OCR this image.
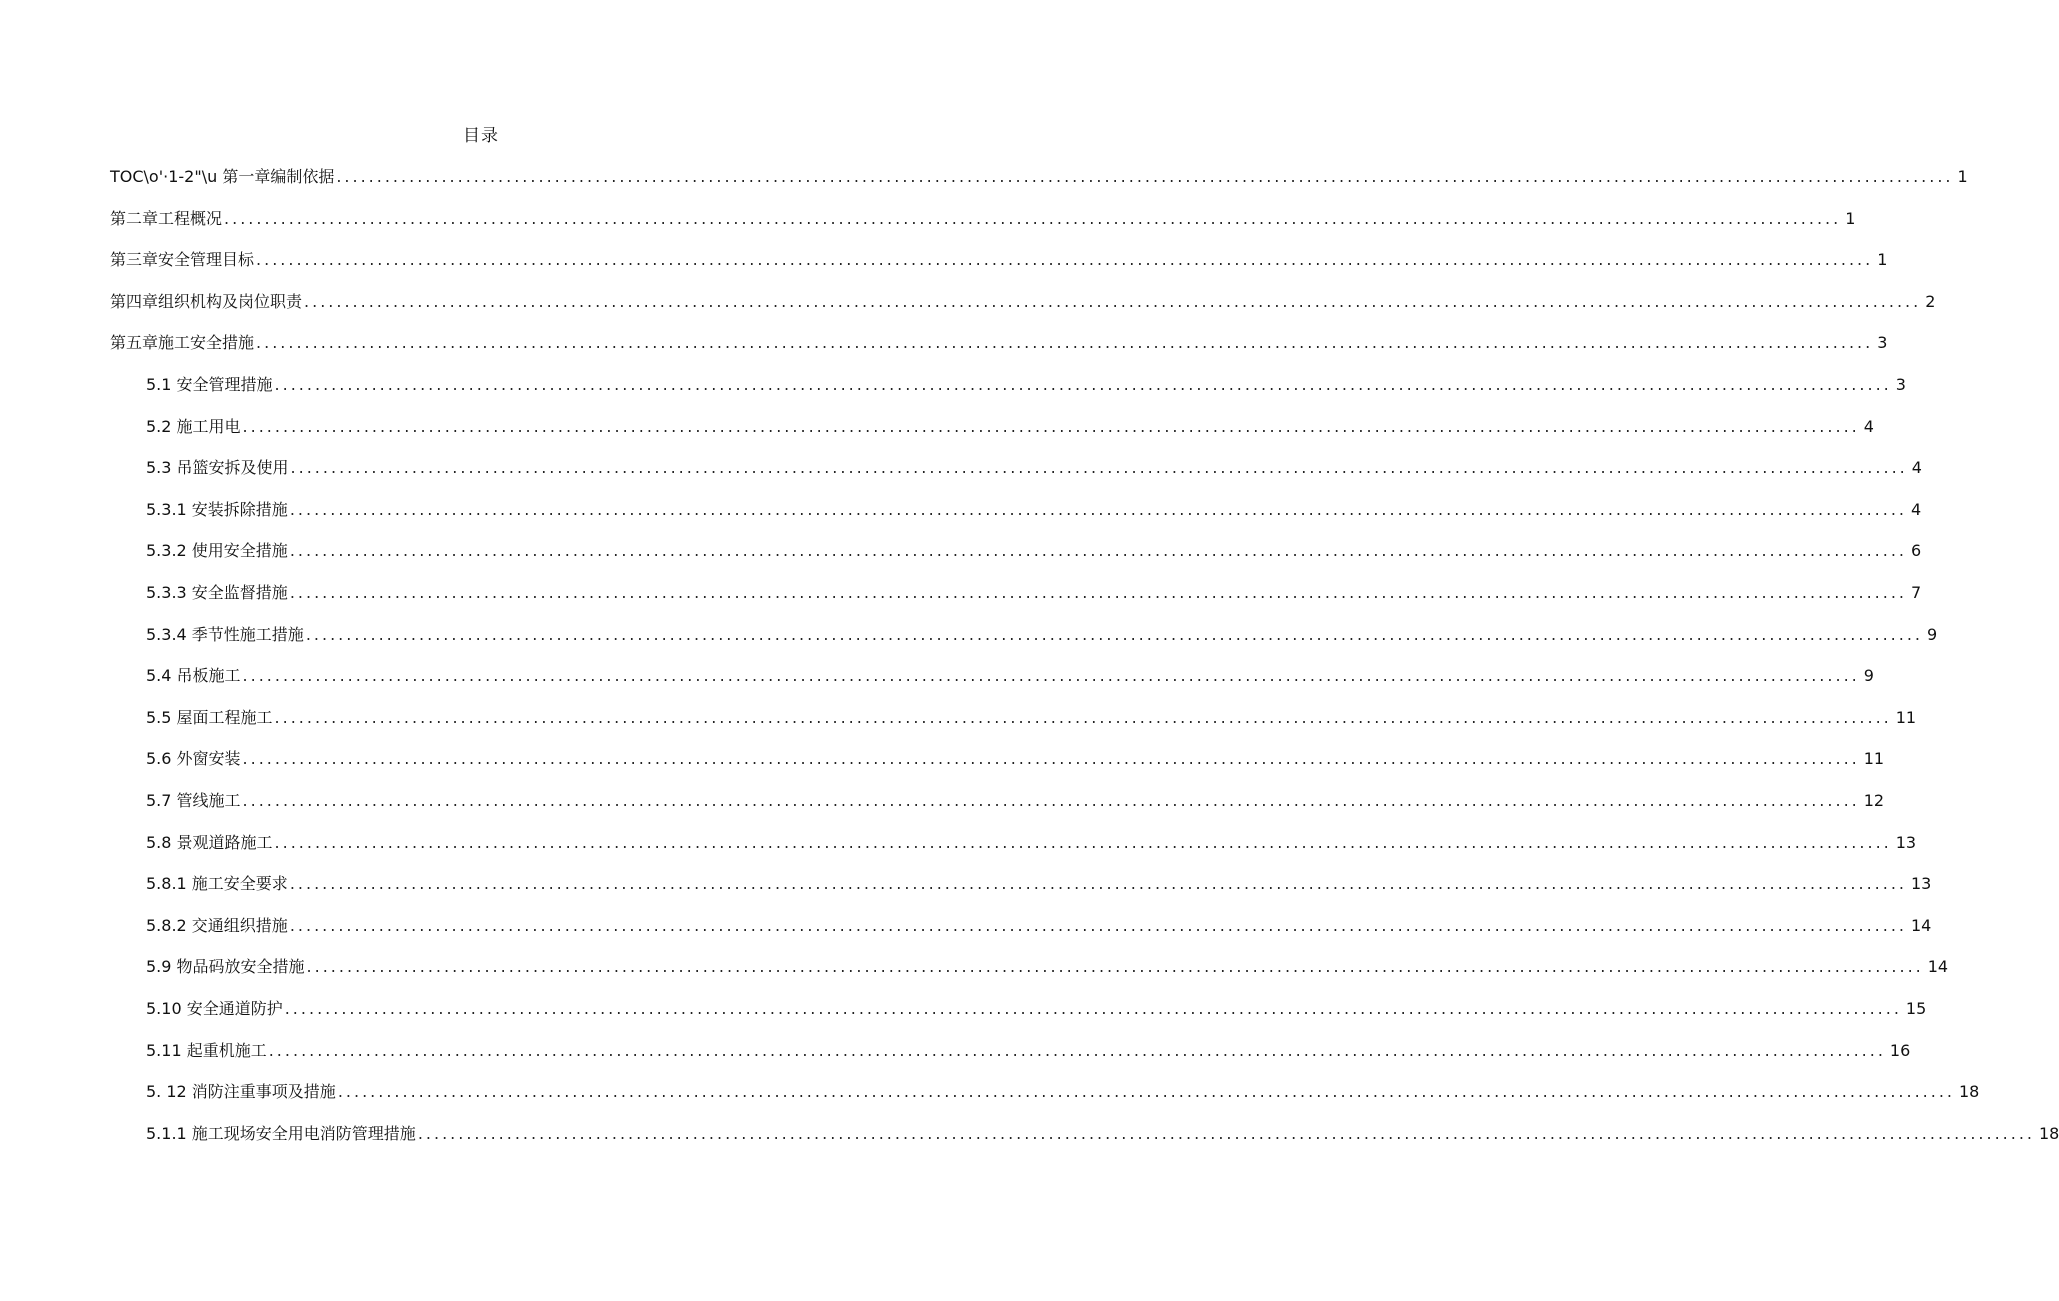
目录
TOC\o'·1-2"\u 第一章编制依据 ........................................................................................................................................................................................................ 1
第二章工程概况 ........................................................................................................................................................................................................ 1
第三章安全管理目标 ........................................................................................................................................................................................................ 1
第四章组织机构及岗位职责 ........................................................................................................................................................................................................ 2
第五章施工安全措施 ........................................................................................................................................................................................................ 3
5.1 安全管理措施 ........................................................................................................................................................................................................ 3
5.2 施工用电 ........................................................................................................................................................................................................ 4
5.3 吊篮安拆及使用 ........................................................................................................................................................................................................ 4
5.3.1 安装拆除措施 ........................................................................................................................................................................................................ 4
5.3.2 使用安全措施 ........................................................................................................................................................................................................ 6
5.3.3 安全监督措施 ........................................................................................................................................................................................................ 7
5.3.4 季节性施工措施 ........................................................................................................................................................................................................ 9
5.4 吊板施工 ........................................................................................................................................................................................................ 9
5.5 屋面工程施工 ........................................................................................................................................................................................................ 11
5.6 外窗安装 ........................................................................................................................................................................................................ 11
5.7 管线施工 ........................................................................................................................................................................................................ 12
5.8 景观道路施工 ........................................................................................................................................................................................................ 13
5.8.1 施工安全要求 ........................................................................................................................................................................................................ 13
5.8.2 交通组织措施 ........................................................................................................................................................................................................ 14
5.9 物品码放安全措施 ........................................................................................................................................................................................................ 14
5.10 安全通道防护 ........................................................................................................................................................................................................ 15
5.11 起重机施工 ........................................................................................................................................................................................................ 16
5. 12 消防注重事项及措施 ........................................................................................................................................................................................................ 18
5.1.1 施工现场安全用电消防管理措施 ........................................................................................................................................................................................................ 18
